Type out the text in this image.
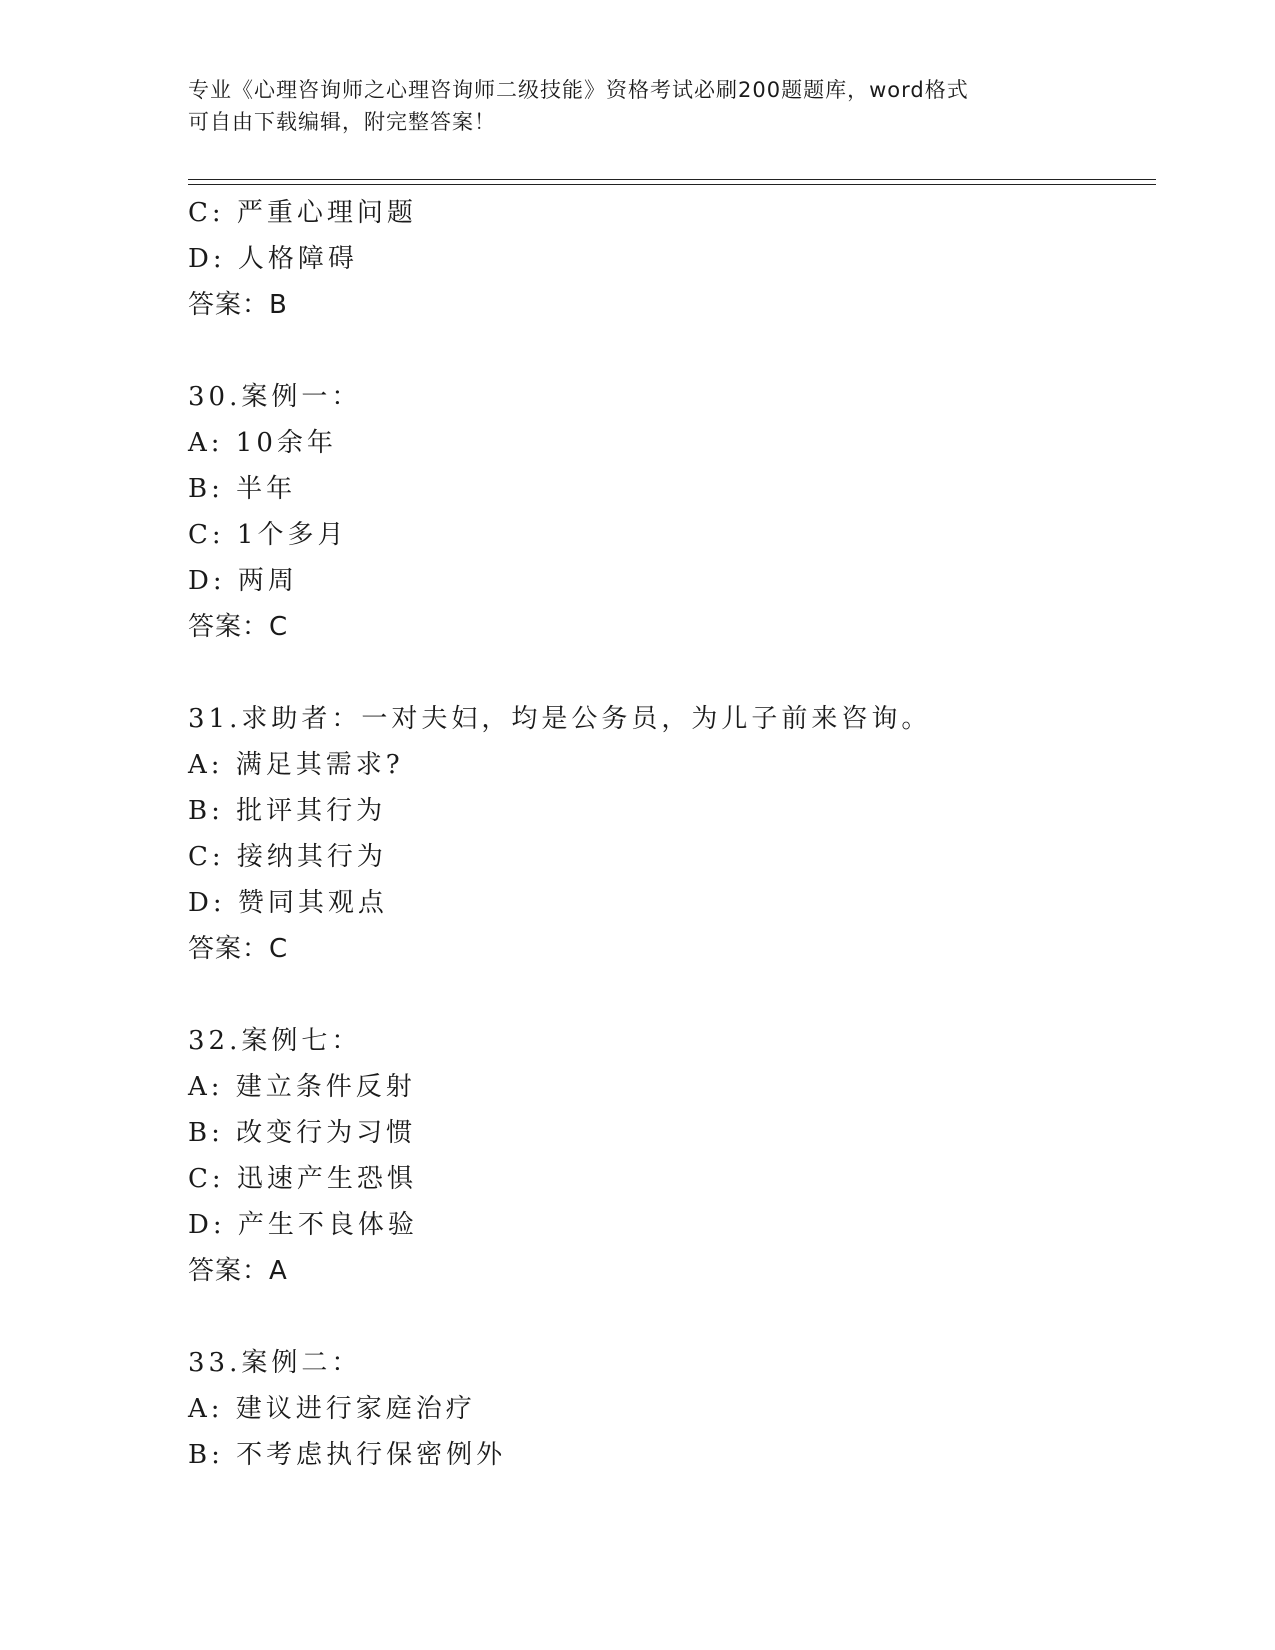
专业《心理咨询师之心理咨询师二级技能》资格考试必刷200题题库，word格式
可自由下载编辑，附完整答案！
C: 严重心理问题
D: 人格障碍
答案：B
30.案例一：
A: 10余年
B: 半年
C: 1个多月
D: 两周
答案：C
31.求助者：一对夫妇，均是公务员，为儿子前来咨询。
A: 满足其需求?
B: 批评其行为
C: 接纳其行为
D: 赞同其观点
答案：C
32.案例七：
A: 建立条件反射
B: 改变行为习惯
C: 迅速产生恐惧
D: 产生不良体验
答案：A
33.案例二：
A: 建议进行家庭治疗
B: 不考虑执行保密例外
